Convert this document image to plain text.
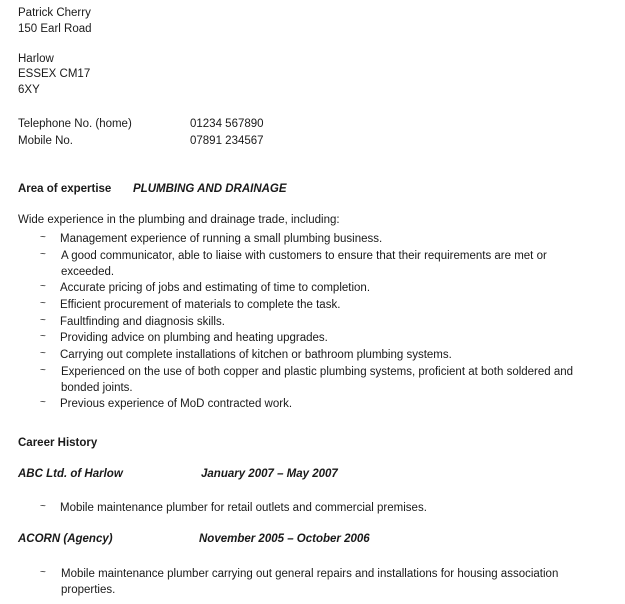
Patrick Cherry
150 Earl Road
Harlow
ESSEX CM17
6XY
Telephone No. (home)	01234 567890
Mobile No.	07891 234567
Area of expertise PLUMBING AND DRAINAGE
Wide experience in the plumbing and drainage trade, including:
~ Management experience of running a small plumbing business.
~ A good communicator, able to liaise with customers to ensure that their requirements are met or exceeded.
~ Accurate pricing of jobs and estimating of time to completion.
~ Efficient procurement of materials to complete the task.
~ Faultfinding and diagnosis skills.
~ Providing advice on plumbing and heating upgrades.
~ Carrying out complete installations of kitchen or bathroom plumbing systems.
~ Experienced on the use of both copper and plastic plumbing systems, proficient at both soldered and bonded joints.
~ Previous experience of MoD contracted work.
Career History
ABC Ltd. of Harlow	January 2007 – May 2007
~ Mobile maintenance plumber for retail outlets and commercial premises.
ACORN (Agency)	November 2005 – October 2006
~ Mobile maintenance plumber carrying out general repairs and installations for housing association properties.
